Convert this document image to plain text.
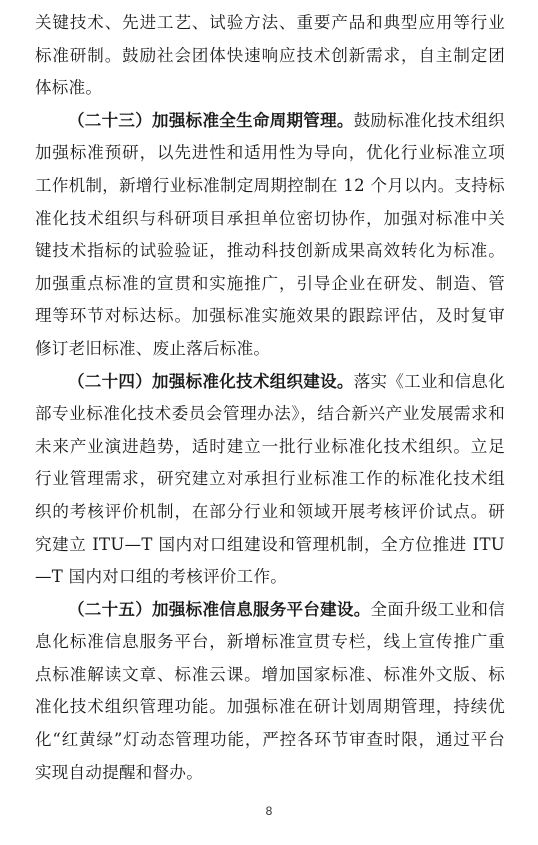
关键技术、先进工艺、试验方法、重要产品和典型应用等行业标准研制。鼓励社会团体快速响应技术创新需求，自主制定团体标准。

（二十三）加强标准全生命周期管理。鼓励标准化技术组织加强标准预研，以先进性和适用性为导向，优化行业标准立项工作机制，新增行业标准制定周期控制在 12 个月以内。支持标准化技术组织与科研项目承担单位密切协作，加强对标准中关键技术指标的试验验证，推动科技创新成果高效转化为标准。加强重点标准的宣贯和实施推广，引导企业在研发、制造、管理等环节对标达标。加强标准实施效果的跟踪评估，及时复审修订老旧标准、废止落后标准。

（二十四）加强标准化技术组织建设。落实《工业和信息化部专业标准化技术委员会管理办法》，结合新兴产业发展需求和未来产业演进趋势，适时建立一批行业标准化技术组织。立足行业管理需求，研究建立对承担行业标准工作的标准化技术组织的考核评价机制，在部分行业和领域开展考核评价试点。研究建立 ITU—T 国内对口组建设和管理机制，全方位推进 ITU—T 国内对口组的考核评价工作。

（二十五）加强标准信息服务平台建设。全面升级工业和信息化标准信息服务平台，新增标准宣贯专栏，线上宣传推广重点标准解读文章、标准云课。增加国家标准、标准外文版、标准化技术组织管理功能。加强标准在研计划周期管理，持续优化“红黄绿”灯动态管理功能，严控各环节审查时限，通过平台实现自动提醒和督办。

8
